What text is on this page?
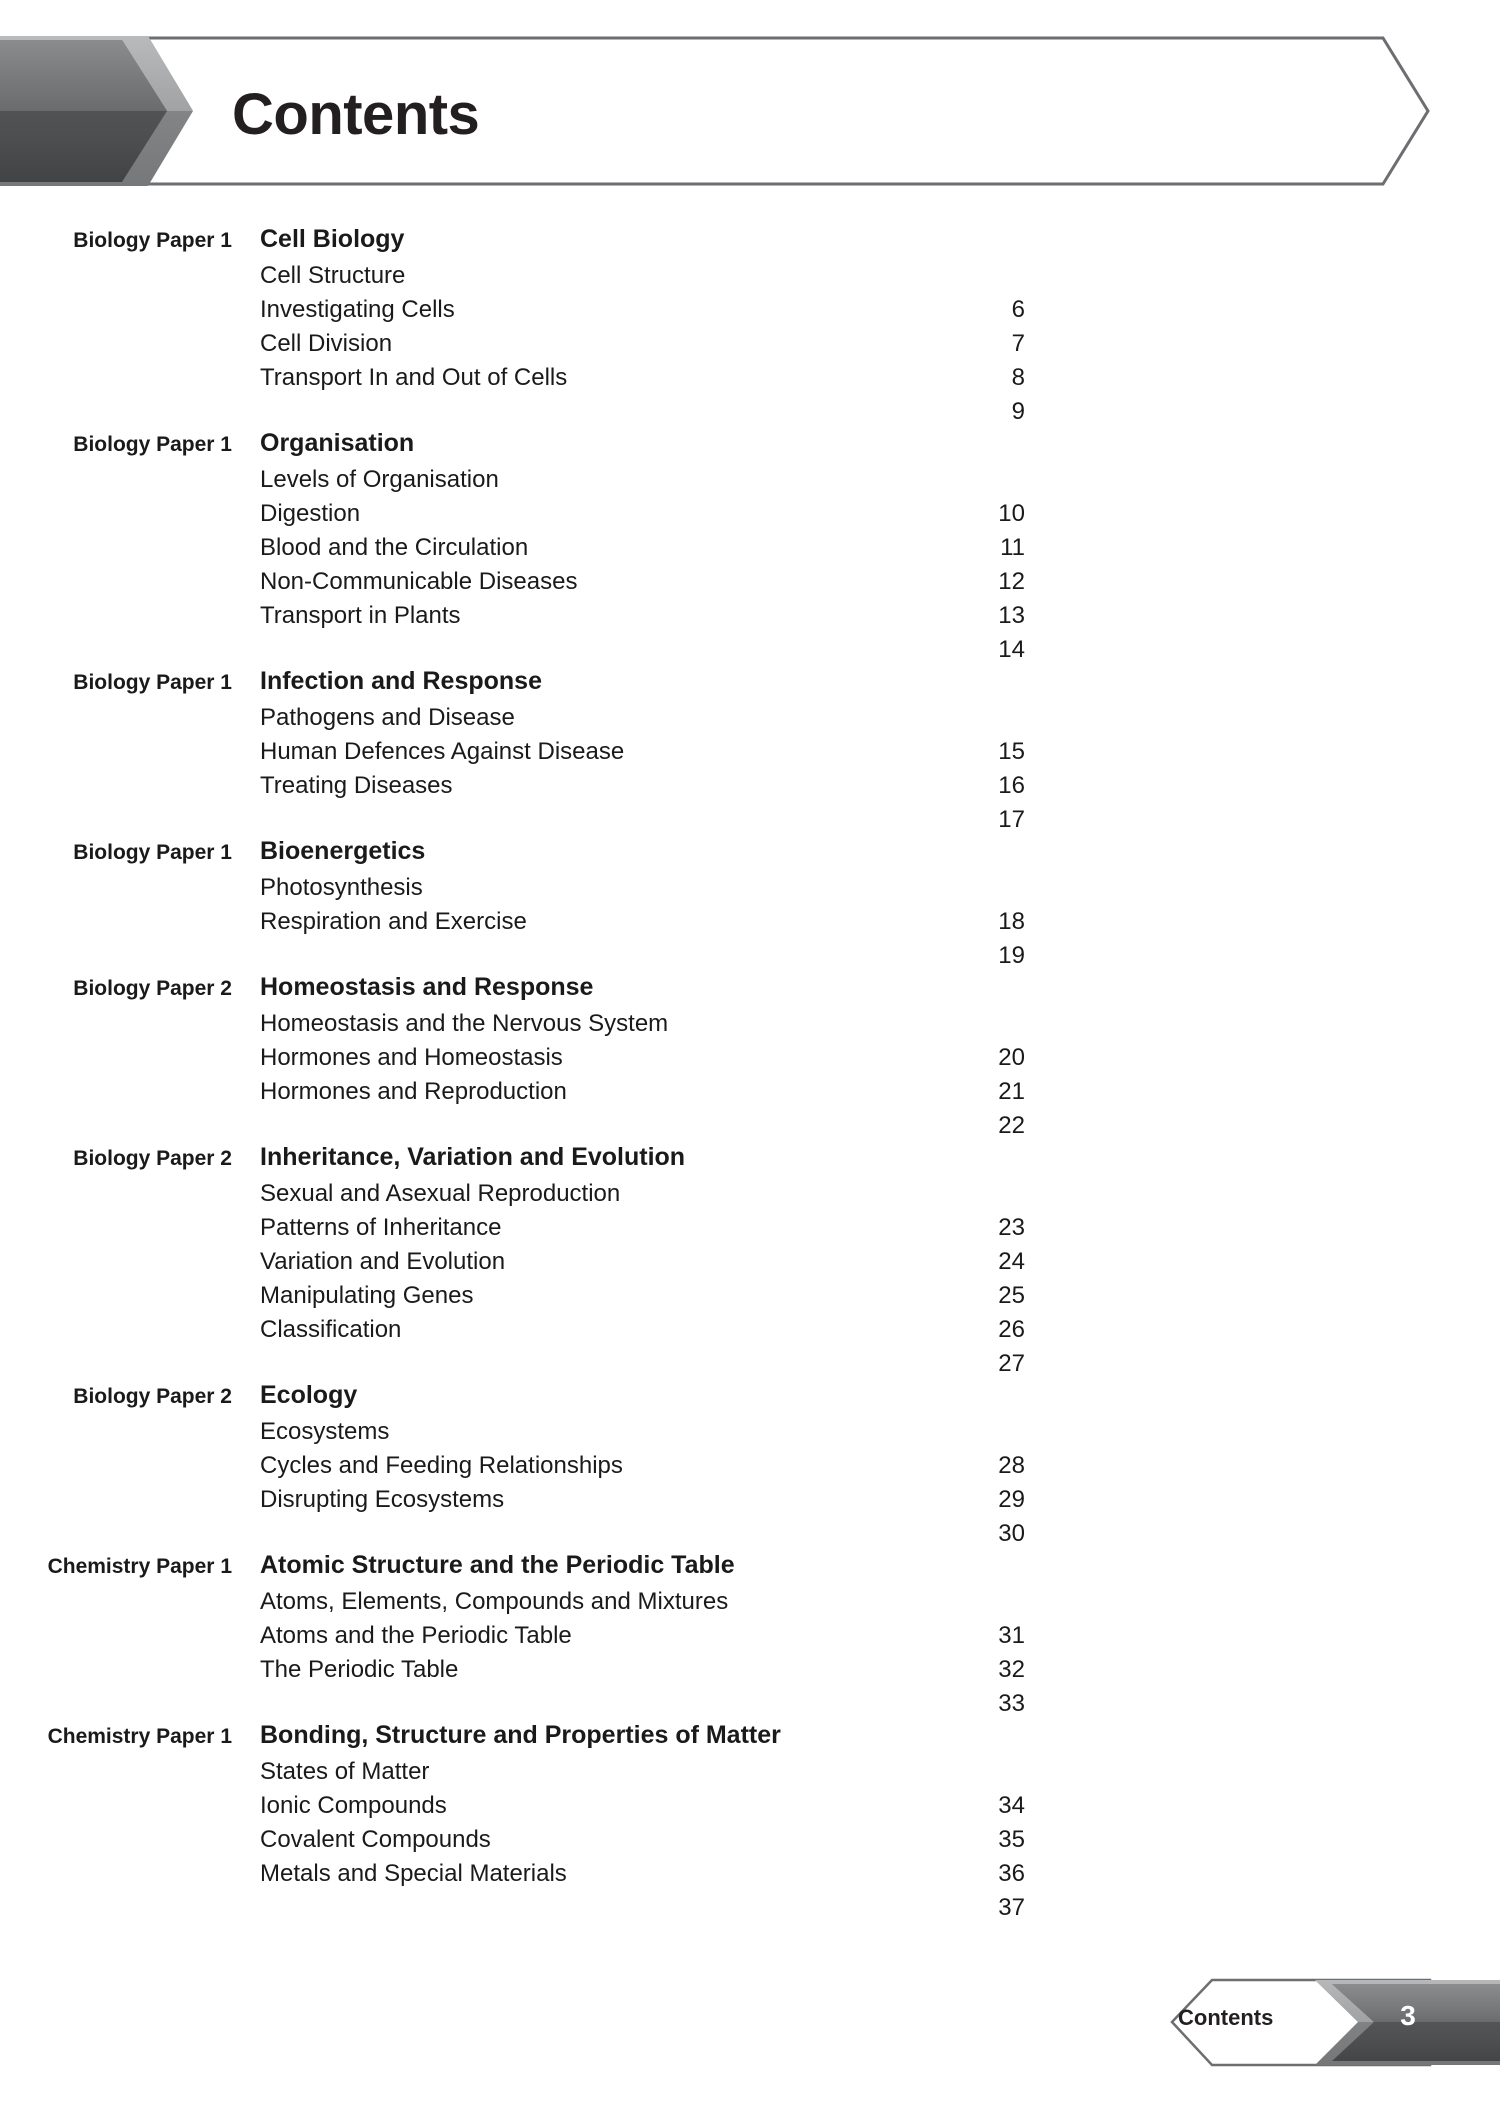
Contents
Biology Paper 1 Cell Biology
Cell Structure
6
Investigating Cells
7
Cell Division
8
Transport In and Out of Cells
9
Biology Paper 1 Organisation
Levels of Organisation
10
Digestion
11
Blood and the Circulation
12
Non-Communicable Diseases
13
Transport in Plants
14
Biology Paper 1 Infection and Response
Pathogens and Disease
15
Human Defences Against Disease
16
Treating Diseases
17
Biology Paper 1 Bioenergetics
Photosynthesis
18
Respiration and Exercise
19
Biology Paper 2 Homeostasis and Response
Homeostasis and the Nervous System
20
Hormones and Homeostasis
21
Hormones and Reproduction
22
Biology Paper 2 Inheritance, Variation and Evolution
Sexual and Asexual Reproduction
23
Patterns of Inheritance
24
Variation and Evolution
25
Manipulating Genes
26
Classification
27
Biology Paper 2 Ecology
Ecosystems
28
Cycles and Feeding Relationships
29
Disrupting Ecosystems
30
Chemistry Paper 1 Atomic Structure and the Periodic Table
Atoms, Elements, Compounds and Mixtures
31
Atoms and the Periodic Table
32
The Periodic Table
33
Chemistry Paper 1 Bonding, Structure and Properties of Matter
States of Matter
34
Ionic Compounds
35
Covalent Compounds
36
Metals and Special Materials
37
Contents	3
